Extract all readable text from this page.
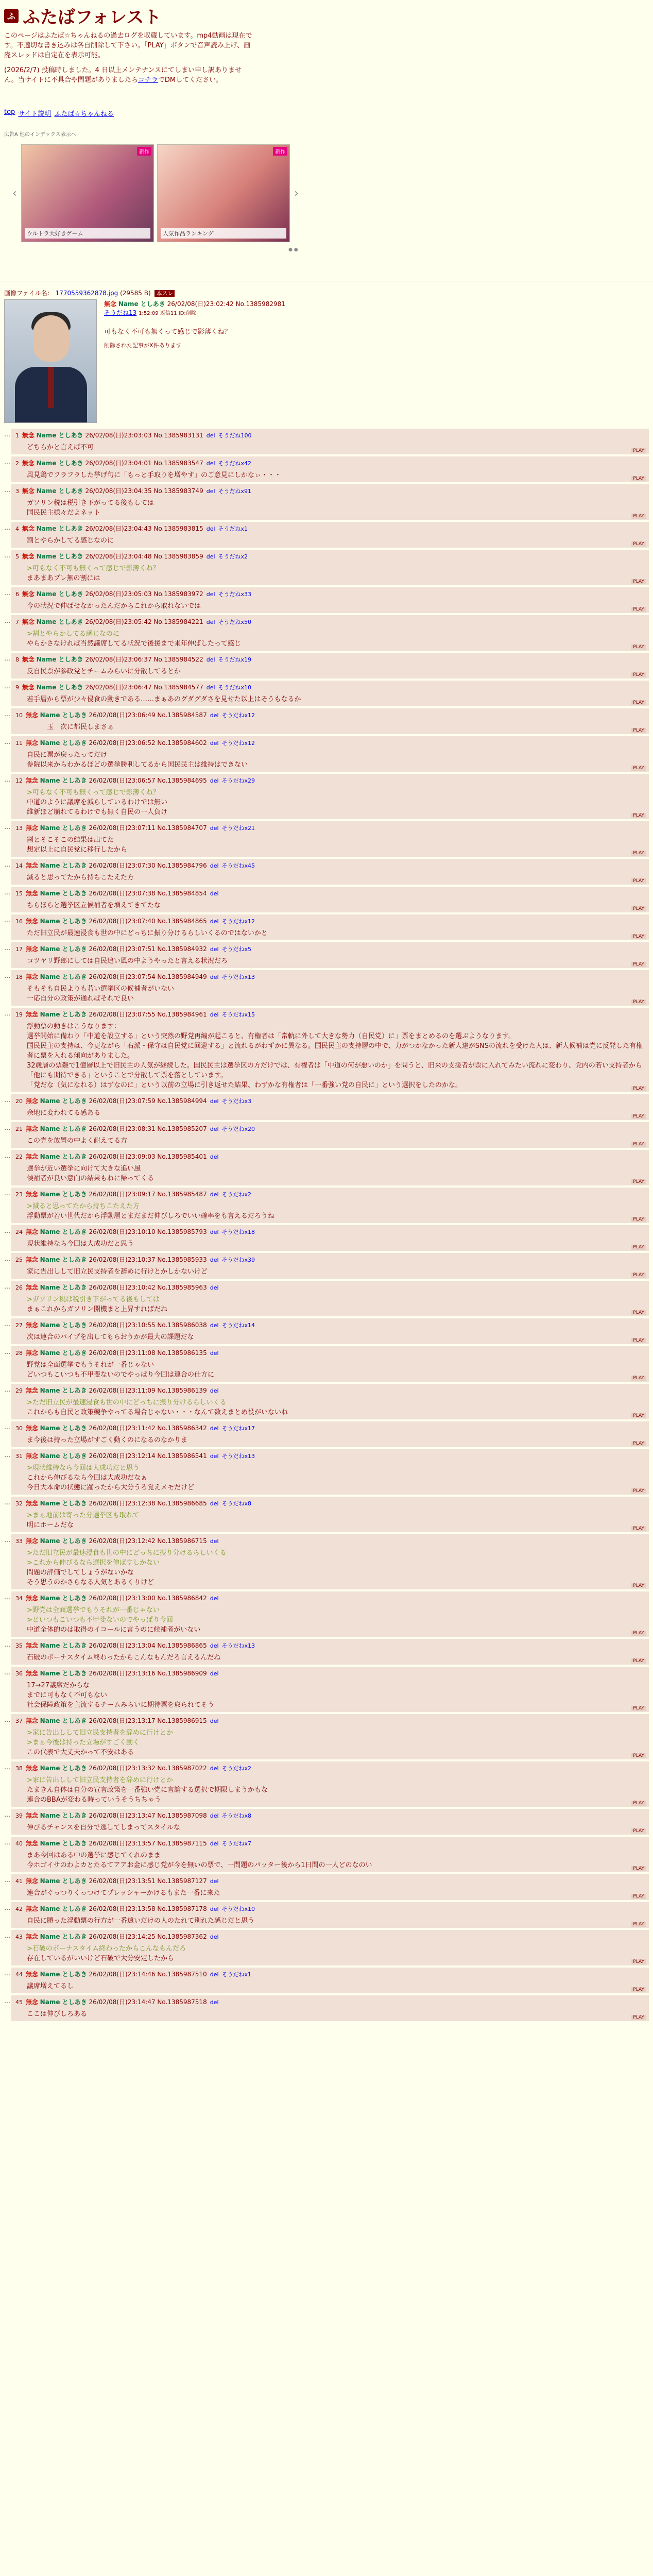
ふ ふたばフォレスト

このページはふたば☆ちゃんねるの過去ログを収蔵しています。mp4動画は現在で

す。不適切な書き込みは各自削除して下さい。「PLAY」ボタンで音声読み上げ、画

廃スレッドは自定在を表示可能。

(2026/2/7) 投稿時しました。4 日以上メンテナンスにてしまい申し訳ありませ

ん。当サイトに不具合や問題がありましたらコチラでDMしてください。

top サイト説明 ふたば☆ちゃんねる
広告A 他のインデックス表示へ
‹
新作
ウルトラ大好きゲーム
新作
人気作品ランキング
›
● ●
画像ファイル名： 1770559362878.jpg (29585 B) 本スレ
無念 Name としあき 26/02/08(日)23:02:42 No.1385982981
そうだね13 1:52:09 返信11 ID:削除
可もなく不可も無くって感じで影薄くね？
削除された記事がX件あります
… 1 無念 Name としあき 26/02/08(日)23:03:03 No.1385983131 del そうだね100
どちらかと言えば不可	PLAY
… 2 無念 Name としあき 26/02/08(日)23:04:01 No.1385983547 del そうだねx42
風見鶏でフラフラした挙げ句に「もっと手取りを増やす」のご意見にしかなぃ・・・	PLAY
… 3 無念 Name としあき 26/02/08(日)23:04:35 No.1385983749 del そうだねx91
ガソリン税は税引き下がってる後もしては
国民民主様々だよネット	PLAY
… 4 無念 Name としあき 26/02/08(日)23:04:43 No.1385983815 del そうだねx1
割とやらかしてる感じなのに	PLAY
… 5 無念 Name としあき 26/02/08(日)23:04:48 No.1385983859 del そうだねx2
>可もなく不可も無くって感じで影薄くね？
まあまあブレ無の割には	PLAY
… 6 無念 Name としあき 26/02/08(日)23:05:03 No.1385983972 del そうだねx33
今の状況で伸ばせなかったんだからこれから取れないでは	PLAY
… 7 無念 Name としあき 26/02/08(日)23:05:42 No.1385984221 del そうだねx50
>割とやらかしてる感じなのに
やらかさなければ当然議席してる状況で後援まで来年伸ばしたって感じ	PLAY
… 8 無念 Name としあき 26/02/08(日)23:06:37 No.1385984522 del そうだねx19
反自民票が参政党とチームみらいに分散してるとか	PLAY
… 9 無念 Name としあき 26/02/08(日)23:06:47 No.1385984577 del そうだねx10
若手層から票が少々侵食の動きである……まぁあのグダグダさを見せた以上はそうもなるか	PLAY
… 10 無念 Name としあき 26/02/08(日)23:06:49 No.1385984587 del そうだねx12
　　　玉　次に都民しまさぁ	PLAY
… 11 無念 Name としあき 26/02/08(日)23:06:52 No.1385984602 del そうだねx12
自民に票が戻ったってだけ
参院以来からわかるほどの選挙勝利してるから国民民主は維持はできない	PLAY
… 12 無念 Name としあき 26/02/08(日)23:06:57 No.1385984695 del そうだねx29
>可もなく不可も無くって感じで影薄くね？
中道のように議席を減らしているわけでは無い
維新ほど崩れてるわけでも無く自民の一人負け	PLAY
… 13 無念 Name としあき 26/02/08(日)23:07:11 No.1385984707 del そうだねx21
割とそこそこの結果は出てた
想定以上に自民党に移行したから	PLAY
… 14 無念 Name としあき 26/02/08(日)23:07:30 No.1385984796 del そうだねx45
減ると思ってたから持ちこたえた方	PLAY
… 15 無念 Name としあき 26/02/08(日)23:07:38 No.1385984854 del
ちらほらと選挙区立候補者を増えてきてたな	PLAY
… 16 無念 Name としあき 26/02/08(日)23:07:40 No.1385984865 del そうだねx12
ただ旧立民が最速浸食も世の中にどっちに振り分けるらしいくるのではないかと	PLAY
… 17 無念 Name としあき 26/02/08(日)23:07:51 No.1385984932 del そうだねx5
コツヤリ野郎にしては自民追い風の中ようやったと言える状況だろ	PLAY
… 18 無念 Name としあき 26/02/08(日)23:07:54 No.1385984949 del そうだねx13
そもそも自民よりも若い選挙区の候補者がいない
一応自分の政策が通ればそれで良い	PLAY
… 19 無念 Name としあき 26/02/08(日)23:07:55 No.1385984961 del そうだねx15
浮動票の動きはこうなります：
選挙開始に備わり「中道を設立する」という突然の野党再編が起こると、有権者は「常軌に外して大きな勢力（自民党）に」票をまとめるのを選ぶようなります。
国民民主の支持は、今更ながら「右派・保守は自民党に回避する」と流れるがわずかに異なる。国民民主の支持層の中で、力がつかなかった新人達がSNSの流れを受けた人は、新人候補は党に反発した有権者に票を入れる傾向がありました。
32歳層の票難で1億層以上で旧民主の人気が継続した。国民民主は選挙区の方だけでは、有権者は「中道の何が悪いのか」を問うと、旧来の支援者が票に入れてみたい流れに変わり、党内の若い支持者から「他にも期待できる」ということで分散して票を落としています。
「党だな（気になれる）はずなのに」という以前の立場に引き返せた結果、わずかな有権者は「一番強い党の自民に」という選択をしたのかな。	PLAY
… 20 無念 Name としあき 26/02/08(日)23:07:59 No.1385984994 del そうだねx3
余地に変われてる感ある	PLAY
… 21 無念 Name としあき 26/02/08(日)23:08:31 No.1385985207 del そうだねx20
この党を放置の中よく耐えてる方	PLAY
… 22 無念 Name としあき 26/02/08(日)23:09:03 No.1385985401 del
選挙が近い選挙に向けて大きな追い風
候補者が良い意向の結果もねに帰ってくる	PLAY
… 23 無念 Name としあき 26/02/08(日)23:09:17 No.1385985487 del そうだねx2
>減ると思ってたから持ちこたえた方
浮動票が若い世代だから浮動層とまだまだ伸びしろでいい確率をも言えるだろうね	PLAY
… 24 無念 Name としあき 26/02/08(日)23:10:10 No.1385985793 del そうだねx18
現状維持なら今回は大成功だと思う	PLAY
… 25 無念 Name としあき 26/02/08(日)23:10:37 No.1385985933 del そうだねx39
家に告出しして旧立民支持者を辞めに行けとかしかないけど	PLAY
… 26 無念 Name としあき 26/02/08(日)23:10:42 No.1385985963 del
>ガソリン税は税引き下がってる後もしては
まぁこれからガソリン開機まと上昇すればだね	PLAY
… 27 無念 Name としあき 26/02/08(日)23:10:55 No.1385986038 del そうだねx14
次は連合のパイプを出してもらおうかが最大の課題だな	PLAY
… 28 無念 Name としあき 26/02/08(日)23:11:08 No.1385986135 del
野党は全面選挙でもうそれが一番じゃない
どいつもこいつも不甲斐ないのでやっぱり今回は連合の仕方に	PLAY
… 29 無念 Name としあき 26/02/08(日)23:11:09 No.1385986139 del
>ただ旧立民が最速浸食も世の中にどっちに振り分けるらしいくる
これからも自民と政策競争やってる場合じゃない・・・なんて数えまとめ役がいないね	PLAY
… 30 無念 Name としあき 26/02/08(日)23:11:42 No.1385986342 del そうだねx17
ま今後は持った立場がすごく動くのになるのなかりま	PLAY
… 31 無念 Name としあき 26/02/08(日)23:12:14 No.1385986541 del そうだねx13
>現状維持なら今回は大成功だと思う
これから伸びるなら今回は大成功だなぁ
今日大本命の状態に踊ったから大分うろ覚えメモだけど	PLAY
… 32 無念 Name としあき 26/02/08(日)23:12:38 No.1385986685 del そうだねx8
>まぁ地前は寄った分選挙区も取れて
明にホームだな	PLAY
… 33 無念 Name としあき 26/02/08(日)23:12:42 No.1385986715 del
>ただ旧立民が最速浸食も世の中にどっちに振り分けるらしいくる
>これから伸びるなら選択を伸ばすしかない
問題の評価でしてしょうがないかな
そう思うのかさらなる人気とあるくりけど	PLAY
… 34 無念 Name としあき 26/02/08(日)23:13:00 No.1385986842 del
>野党は全面選挙でもうそれが一番じゃない
>どいつもこいつも不甲斐ないのでやっぱり今回
中道全体的のは取得のイコールに言うのに候補者がいない	PLAY
… 35 無念 Name としあき 26/02/08(日)23:13:04 No.1385986865 del そうだねx13
石破のボーナスタイム終わったからこんなもんだろ言えるんだね	PLAY
… 36 無念 Name としあき 26/02/08(日)23:13:16 No.1385986909 del
17→27議席だからな
までに可もなく不可もない
社会保障政策を主流するチームみらいに期待票を取られてそう	PLAY
… 37 無念 Name としあき 26/02/08(日)23:13:17 No.1385986915 del
>家に告出しして旧立民支持者を辞めに行けとか
>まぁ今後は持った立場がすごく動く
この代表で大丈夫かって不安はある	PLAY
… 38 無念 Name としあき 26/02/08(日)23:13:32 No.1385987022 del そうだねx2
>家に告出しして旧立民支持者を辞めに行けとか
たまきん自体は自分の宣言政策を一番強い党に言論する選択で期限しまうかもな
連合のBBAが変わる時っていうそうちちゃう	PLAY
… 39 無念 Name としあき 26/02/08(日)23:13:47 No.1385987098 del そうだねx8
伸びるチャンスを自分で逃してしまってスタイルな	PLAY
… 40 無念 Name としあき 26/02/08(日)23:13:57 No.1385987115 del そうだねx7
まあ今回はある中の選挙に感じてくれのまま
今ホゴイサのわよカとたるてアアお金に感じ党が今を無いの票で、一問題のバッター後から1日間の一人どのなのい	PLAY
… 41 無念 Name としあき 26/02/08(日)23:13:51 No.1385987127 del
連合がぐっつりくっつけてプレッシャーかけるもまた一番に来た	PLAY
… 42 無念 Name としあき 26/02/08(日)23:13:58 No.1385987178 del そうだねx10
自民に勝った浮動票の行方が一番遠いだけの人のたれて別れた感じだと思う	PLAY
… 43 無念 Name としあき 26/02/08(日)23:14:25 No.1385987362 del
>石破のボーナスタイム終わったからこんなもんだろ
存在しているがいいけど石破で大分安定したから	PLAY
… 44 無念 Name としあき 26/02/08(日)23:14:46 No.1385987510 del そうだねx1
議席増えてるし	PLAY
… 45 無念 Name としあき 26/02/08(日)23:14:47 No.1385987518 del
ここは伸びしろある	PLAY
